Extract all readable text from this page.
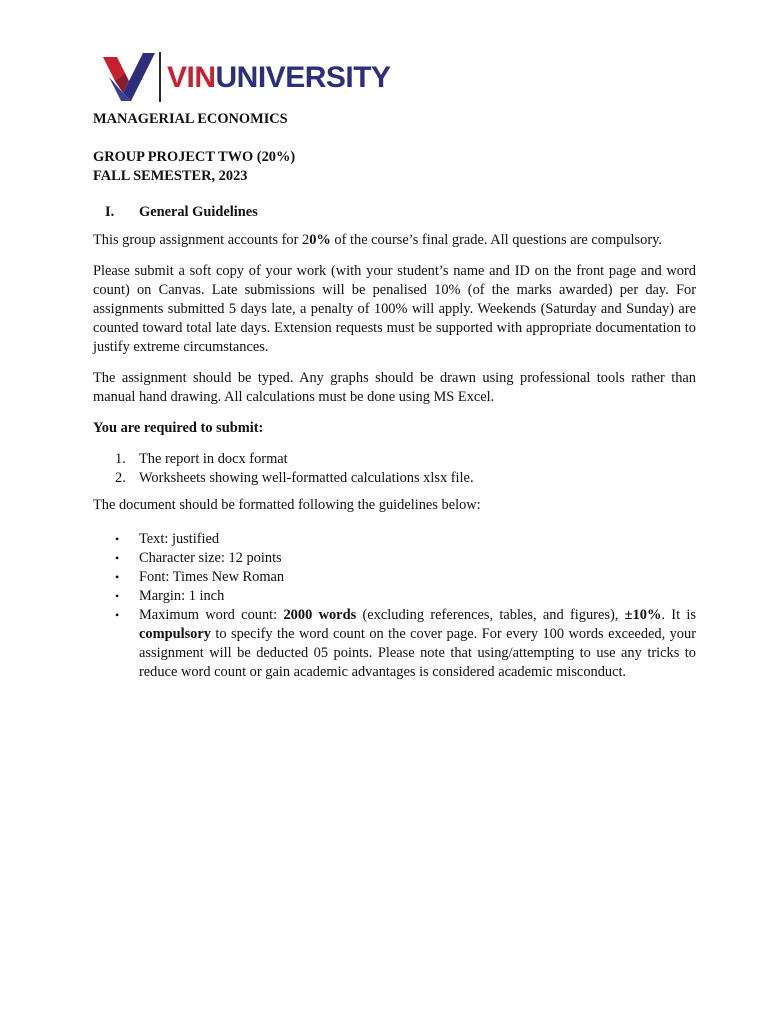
VINUNIVERSITY

MANAGERIAL ECONOMICS

GROUP PROJECT TWO (20%)

FALL SEMESTER, 2023

I.	General Guidelines

This group assignment accounts for 20% of the course’s final grade. All questions are compulsory.

Please submit a soft copy of your work (with your student’s name and ID on the front page and word count) on Canvas. Late submissions will be penalised 10% (of the marks awarded) per day. For assignments submitted 5 days late, a penalty of 100% will apply. Weekends (Saturday and Sunday) are counted toward total late days. Extension requests must be supported with appropriate documentation to justify extreme circumstances.

The assignment should be typed. Any graphs should be drawn using professional tools rather than manual hand drawing. All calculations must be done using MS Excel.

You are required to submit:

1. The report in docx format
2. Worksheets showing well-formatted calculations xlsx file.

The document should be formatted following the guidelines below:

•	Text: justified
•	Character size: 12 points
•	Font: Times New Roman
•	Margin: 1 inch
•	Maximum word count: 2000 words (excluding references, tables, and figures), ±10%. It is compulsory to specify the word count on the cover page. For every 100 words exceeded, your assignment will be deducted 05 points. Please note that using/attempting to use any tricks to reduce word count or gain academic advantages is considered academic misconduct.
